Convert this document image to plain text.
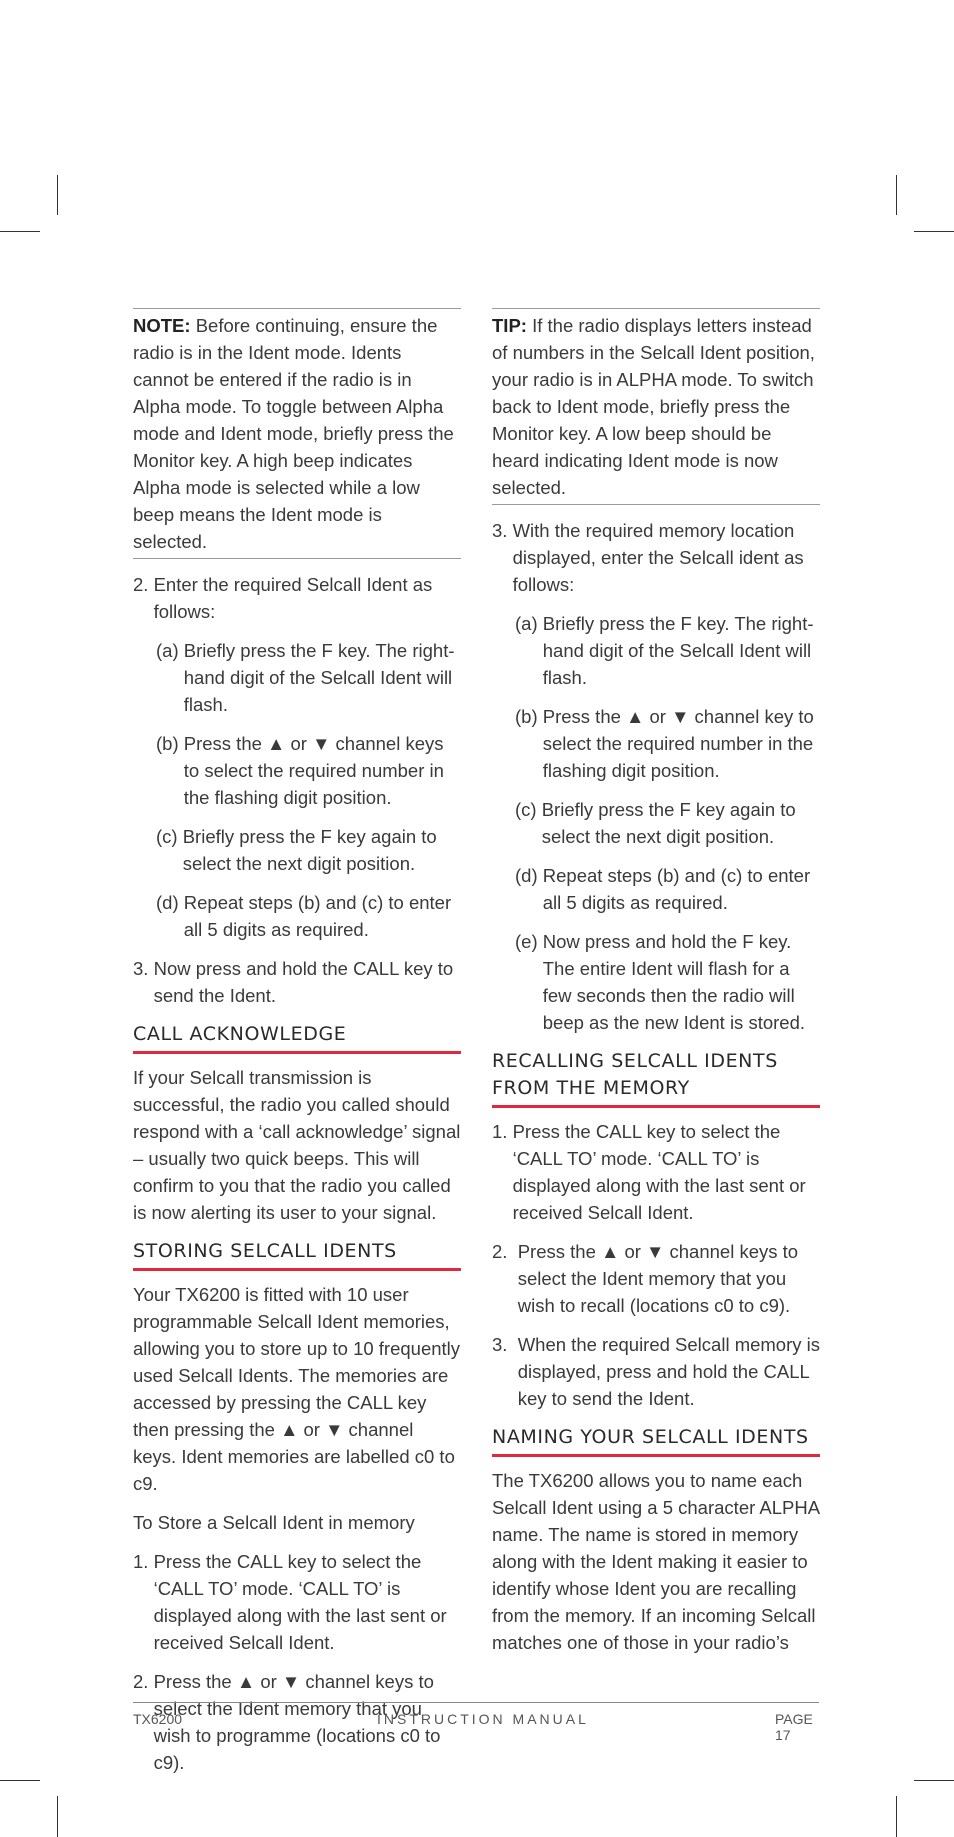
NOTE: Before continuing, ensure the radio is in the Ident mode. Idents cannot be entered if the radio is in Alpha mode. To toggle between Alpha mode and Ident mode, briefly press the Monitor key. A high beep indicates Alpha mode is selected while a low beep means the Ident mode is selected.
2. Enter the required Selcall Ident as follows:
(a) Briefly press the F key. The right-hand digit of the Selcall Ident will flash.
(b) Press the ▲ or ▼ channel keys to select the required number in the flashing digit position.
(c) Briefly press the F key again to select the next digit position.
(d) Repeat steps (b) and (c) to enter all 5 digits as required.
3. Now press and hold the CALL key to send the Ident.
CALL ACKNOWLEDGE

If your Selcall transmission is successful, the radio you called should respond with a ‘call acknowledge’ signal – usually two quick beeps. This will confirm to you that the radio you called is now alerting its user to your signal.

STORING SELCALL IDENTS

Your TX6200 is fitted with 10 user programmable Selcall Ident memories, allowing you to store up to 10 frequently used Selcall Idents. The memories are accessed by pressing the CALL key then pressing the ▲ or ▼ channel keys. Ident memories are labelled c0 to c9.

To Store a Selcall Ident in memory

1. Press the CALL key to select the ‘CALL TO’ mode. ‘CALL TO’ is displayed along with the last sent or received Selcall Ident.
2. Press the ▲ or ▼ channel keys to select the Ident memory that you wish to programme (locations c0 to c9).
TIP: If the radio displays letters instead of numbers in the Selcall Ident position, your radio is in ALPHA mode. To switch back to Ident mode, briefly press the Monitor key. A low beep should be heard indicating Ident mode is now selected.
3. With the required memory location displayed, enter the Selcall ident as follows:
(a) Briefly press the F key. The right-hand digit of the Selcall Ident will flash.
(b) Press the ▲ or ▼ channel key to select the required number in the flashing digit position.
(c) Briefly press the F key again to select the next digit position.
(d) Repeat steps (b) and (c) to enter all 5 digits as required.
(e) Now press and hold the F key. The entire Ident will flash for a few seconds then the radio will beep as the new Ident is stored.
RECALLING SELCALL IDENTS FROM THE MEMORY
1. Press the CALL key to select the ‘CALL TO’ mode. ‘CALL TO’ is displayed along with the last sent or received Selcall Ident.
2. Press the ▲ or ▼ channel keys to select the Ident memory that you wish to recall (locations c0 to c9).
3. When the required Selcall memory is displayed, press and hold the CALL key to send the Ident.
NAMING YOUR SELCALL IDENTS

The TX6200 allows you to name each Selcall Ident using a 5 character ALPHA name. The name is stored in memory along with the Ident making it easier to identify whose Ident you are recalling from the memory. If an incoming Selcall matches one of those in your radio’s

TX6200	INSTRUCTION MANUAL	PAGE 17
